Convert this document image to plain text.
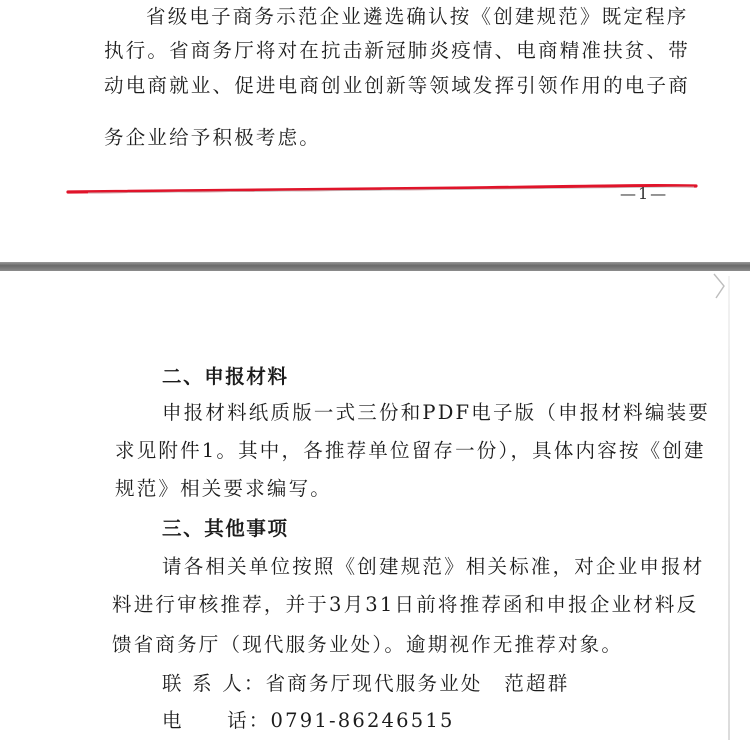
省级电子商务示范企业遴选确认按《创建规范》既定程序
执行。省商务厅将对在抗击新冠肺炎疫情、电商精准扶贫、带
动电商就业、促进电商创业创新等领域发挥引领作用的电子商
务企业给予积极考虑。
—1—
二、申报材料
申报材料纸质版一式三份和PDF电子版（申报材料编装要
求见附件1。其中，各推荐单位留存一份），具体内容按《创建
规范》相关要求编写。
三、其他事项
请各相关单位按照《创建规范》相关标准，对企业申报材
料进行审核推荐，并于3月31日前将推荐函和申报企业材料反
馈省商务厅（现代服务业处）。逾期视作无推荐对象。
联 系 人：省商务厅现代服务业处　范超群
电　　话：0791-86246515
